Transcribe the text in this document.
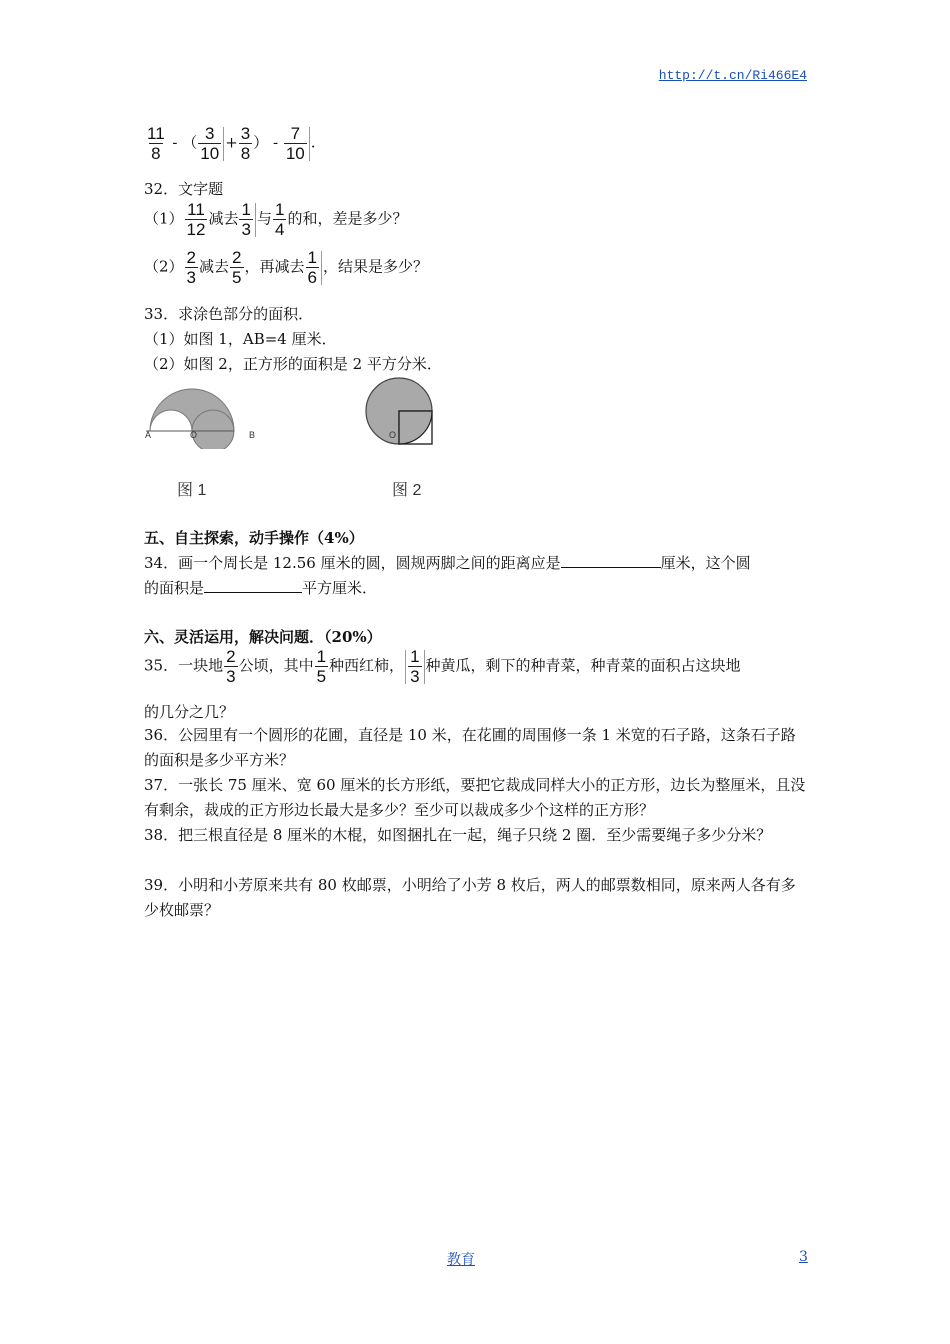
http://t.cn/Ri466E4
$\frac{11}{8}$ - （ $\frac{3}{10} + \frac{3}{8}$ ） - $\frac{7}{10}$ .
32．文字题
$(1) \frac{11}{12}$ 减去 $\frac{1}{3}$ 与 $\frac{1}{4}$ 的和，差是多少？
$(2) \frac{2}{3}$ 减去 $\frac{2}{5}$ ，再减去 $\frac{1}{6}$ ，结果是多少？
33．求涂色部分的面积．
（1）如图 1，AB=4 厘米．
（2）如图 2，正方形的面积是 2 平方分米．
A	O	B
图 1
O
图 2
五、自主探索，动手操作（4%）
34．画一个周长是 12.56 厘米的圆，圆规两脚之间的距离应是	厘米，这个圆
的面积是	平方厘米．
六、灵活运用，解决问题．（20%）
35．一块地 $\frac{2}{3}$ 公顷，其中 $\frac{1}{5}$ 种西红柿， $\frac{1}{3}$ 种黄瓜，剩下的种青菜，种青菜的面积占这块地
的几分之几？
36．公园里有一个圆形的花圃，直径是 10 米，在花圃的周围修一条 1 米宽的石子路，这条石子路的面积是多少平方米？
37．一张长 75 厘米、宽 60 厘米的长方形纸，要把它裁成同样大小的正方形，边长为整厘米，且没有剩余，裁成的正方形边长最大是多少？至少可以裁成多少个这样的正方形？
38．把三根直径是 8 厘米的木棍，如图捆扎在一起，绳子只绕 2 圈．至少需要绳子多少分米？
39．小明和小芳原来共有 80 枚邮票，小明给了小芳 8 枚后，两人的邮票数相同，原来两人各有多少枚邮票？
教育	3
